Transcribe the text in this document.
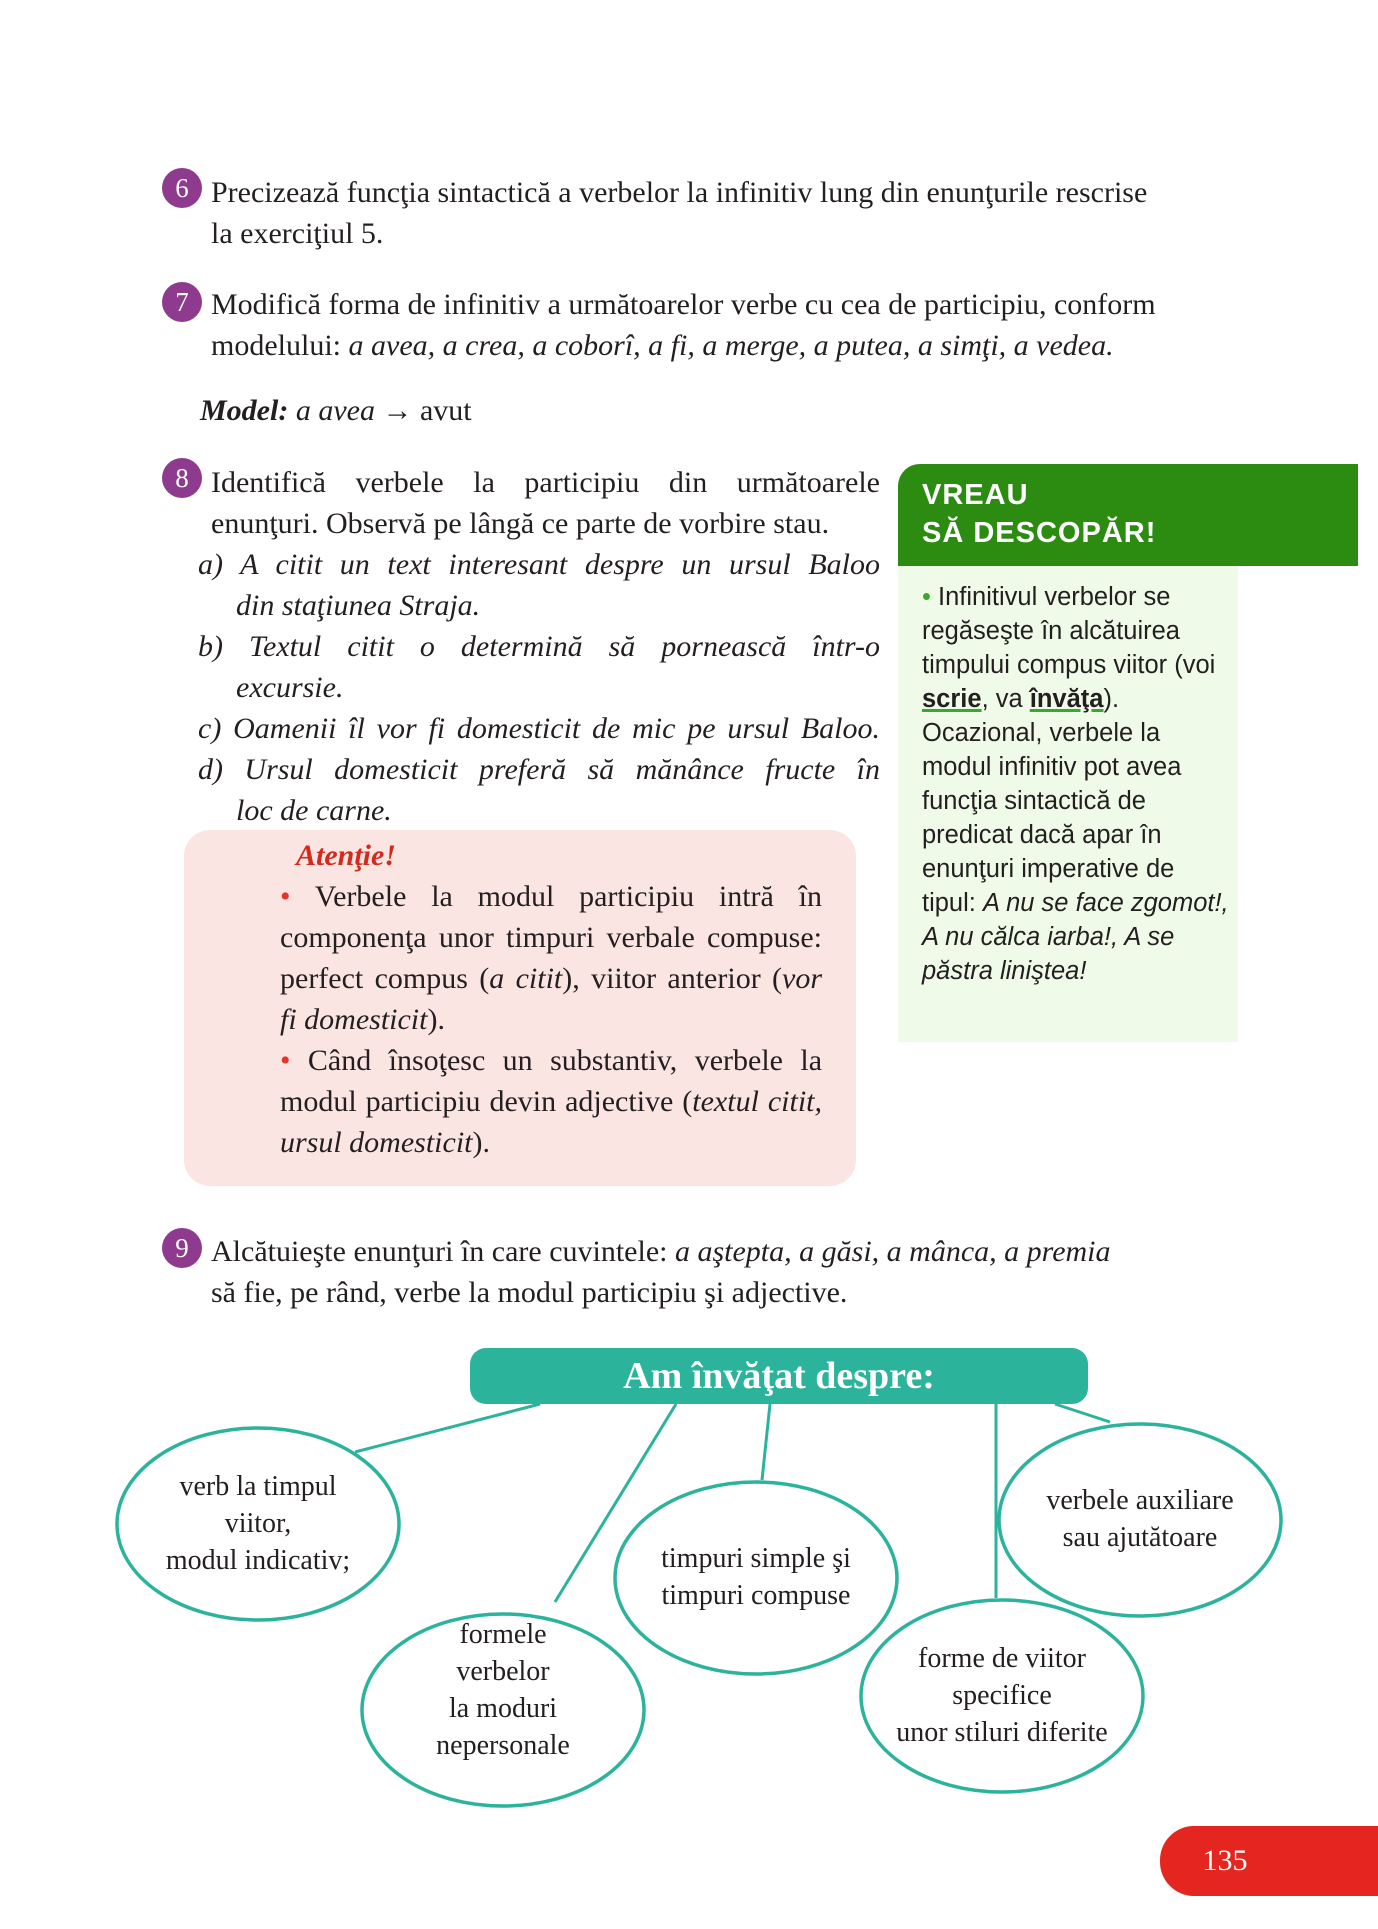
6 Precizează funcţia sintactică a verbelor la infinitiv lung din enunţurile rescrise

la exerciţiul 5.

7 Modifică forma de infinitiv a următoarelor verbe cu cea de participiu, conform

modelului: a avea, a crea, a coborî, a fi, a merge, a putea, a simţi, a vedea.

Model: a avea → avut

8 Identifică verbele la participiu din următoarele

enunţuri. Observă pe lângă ce parte de vorbire stau.

a) A citit un text interesant despre un ursul Baloo
din staţiunea Straja.
b) Textul citit o determină să pornească într-o
excursie.
c) Oamenii îl vor fi domesticit de mic pe ursul Baloo.
d) Ursul domesticit preferă să mănânce fructe în
loc de carne.
Atenţie!
• Verbele la modul participiu intră în componenţa unor timpuri verbale compuse: perfect compus (a citit), viitor anterior (vor fi domesticit).
• Când însoţesc un substantiv, verbele la modul participiu devin adjective (textul citit, ursul domesticit).
VREAU
SĂ DESCOPĂR!
• Infinitivul verbelor se regăseşte în alcătuirea timpului compus viitor (voi scrie, va învăţa). Ocazional, verbele la modul infinitiv pot avea funcţia sintactică de predicat dacă apar în enunţuri imperative de tipul: A nu se face zgomot!, A nu călca iarba!, A se păstra liniştea!
9 Alcătuieşte enunţuri în care cuvintele: a aştepta, a găsi, a mânca, a premia

să fie, pe rând, verbe la modul participiu şi adjective.

Am învăţat despre:
verb la timpul
viitor,
modul indicativ;
formele
verbelor
la moduri
nepersonale
timpuri simple şi
timpuri compuse
forme de viitor
specifice
unor stiluri diferite
verbele auxiliare
sau ajutătoare
135
